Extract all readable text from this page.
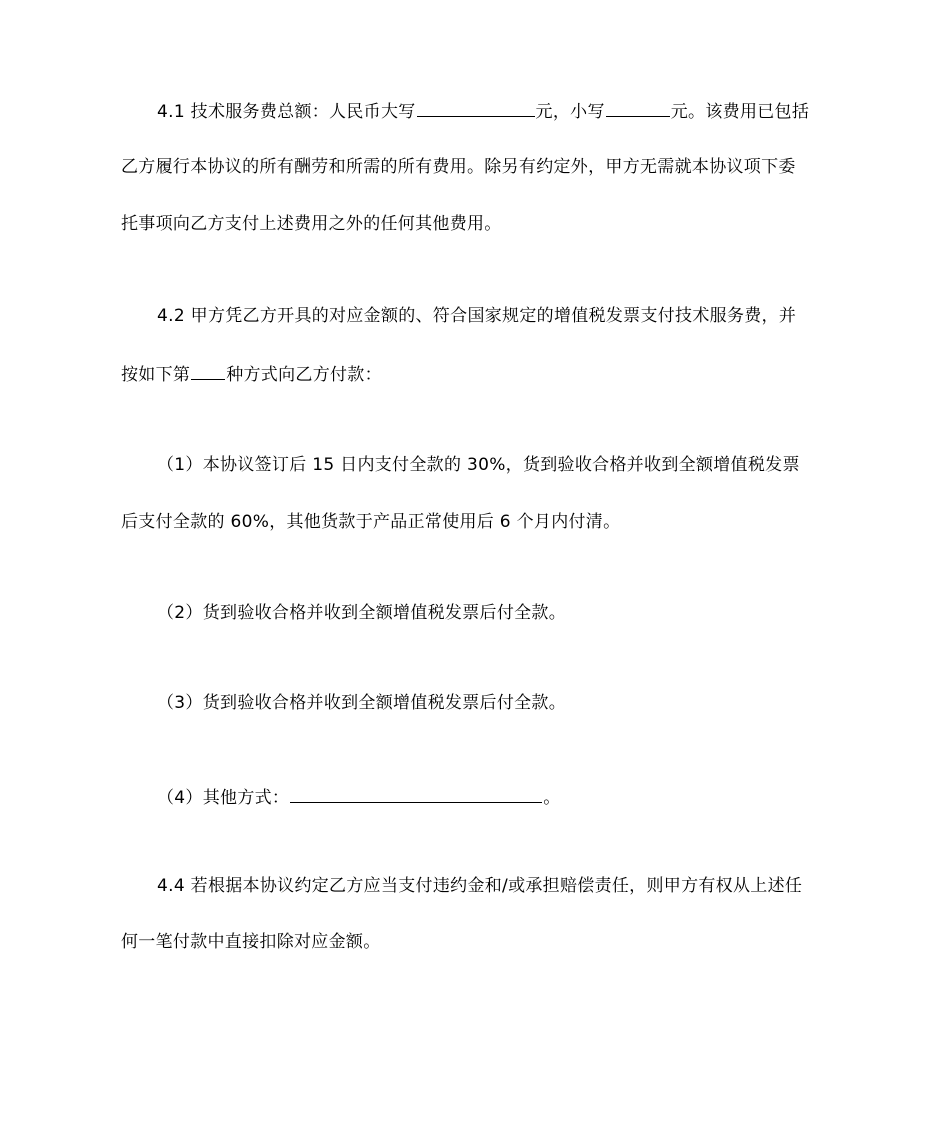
4.1 技术服务费总额：人民币大写	元，小写	元。该费用已包括
乙方履行本协议的所有酬劳和所需的所有费用。除另有约定外，甲方无需就本协议项下委
托事项向乙方支付上述费用之外的任何其他费用。
4.2 甲方凭乙方开具的对应金额的、符合国家规定的增值税发票支付技术服务费，并
按如下第 种方式向乙方付款：
（1）本协议签订后 15 日内支付全款的 30%，货到验收合格并收到全额增值税发票
后支付全款的 60%，其他货款于产品正常使用后 6 个月内付清。
（2）货到验收合格并收到全额增值税发票后付全款。
（3）货到验收合格并收到全额增值税发票后付全款。
（4）其他方式：	。
4.4 若根据本协议约定乙方应当支付违约金和/或承担赔偿责任，则甲方有权从上述任
何一笔付款中直接扣除对应金额。
